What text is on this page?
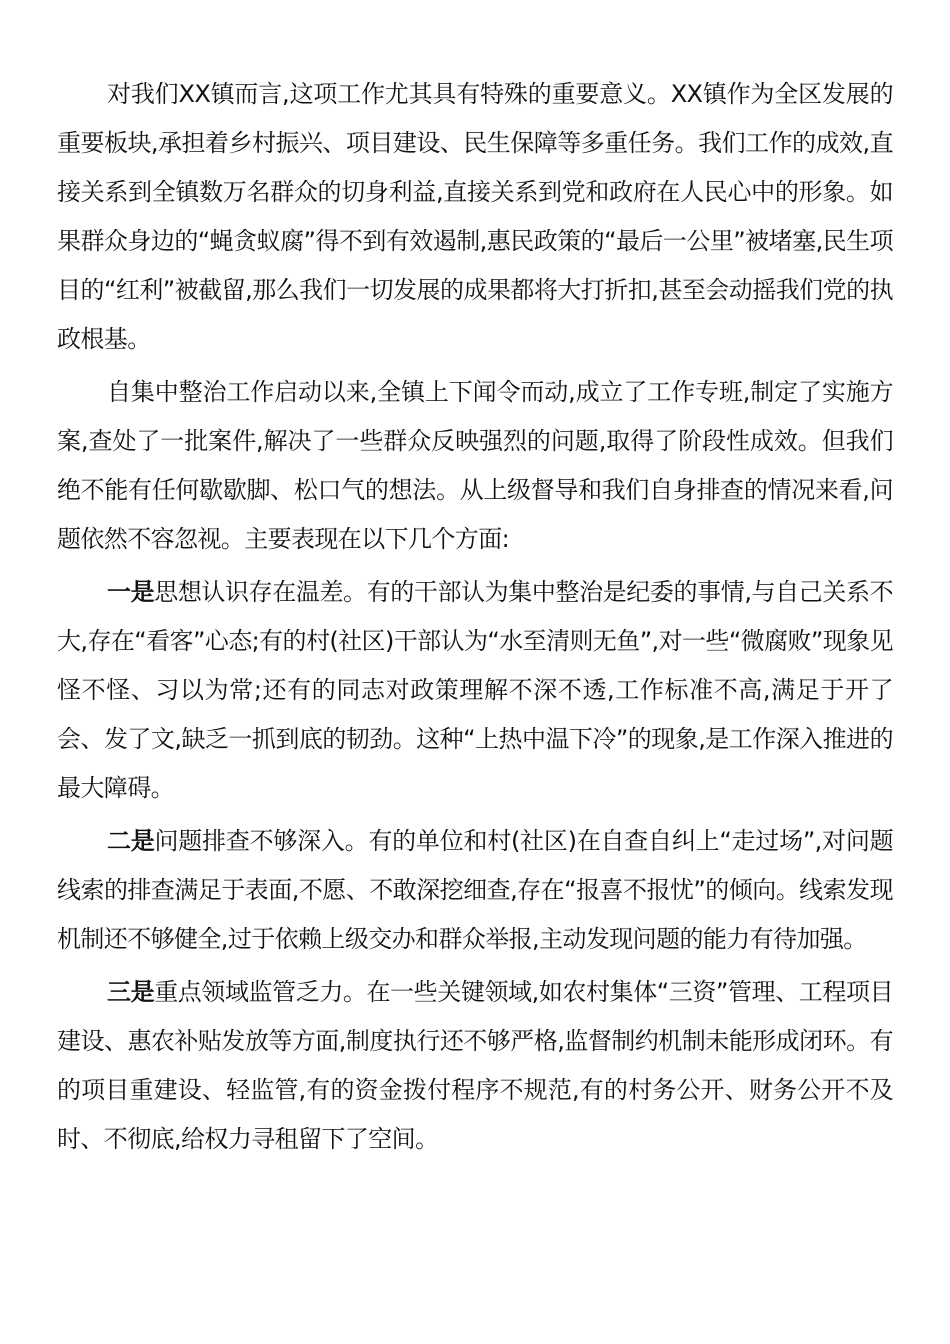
对我们XX镇而言,这项工作尤其具有特殊的重要意义。XX镇作为全区发展的重要板块,承担着乡村振兴、项目建设、民生保障等多重任务。我们工作的成效,直接关系到全镇数万名群众的切身利益,直接关系到党和政府在人民心中的形象。如果群众身边的“蝇贪蚁腐”得不到有效遏制,惠民政策的“最后一公里”被堵塞,民生项目的“红利”被截留,那么我们一切发展的成果都将大打折扣,甚至会动摇我们党的执政根基。

自集中整治工作启动以来,全镇上下闻令而动,成立了工作专班,制定了实施方案,查处了一批案件,解决了一些群众反映强烈的问题,取得了阶段性成效。但我们绝不能有任何歇歇脚、松口气的想法。从上级督导和我们自身排查的情况来看,问题依然不容忽视。主要表现在以下几个方面:

一是思想认识存在温差。有的干部认为集中整治是纪委的事情,与自己关系不大,存在“看客”心态;有的村(社区)干部认为“水至清则无鱼”,对一些“微腐败”现象见怪不怪、习以为常;还有的同志对政策理解不深不透,工作标准不高,满足于开了会、发了文,缺乏一抓到底的韧劲。这种“上热中温下冷”的现象,是工作深入推进的最大障碍。

二是问题排查不够深入。有的单位和村(社区)在自查自纠上“走过场”,对问题线索的排查满足于表面,不愿、不敢深挖细查,存在“报喜不报忧”的倾向。线索发现机制还不够健全,过于依赖上级交办和群众举报,主动发现问题的能力有待加强。

三是重点领域监管乏力。在一些关键领域,如农村集体“三资”管理、工程项目建设、惠农补贴发放等方面,制度执行还不够严格,监督制约机制未能形成闭环。有的项目重建设、轻监管,有的资金拨付程序不规范,有的村务公开、财务公开不及时、不彻底,给权力寻租留下了空间。
